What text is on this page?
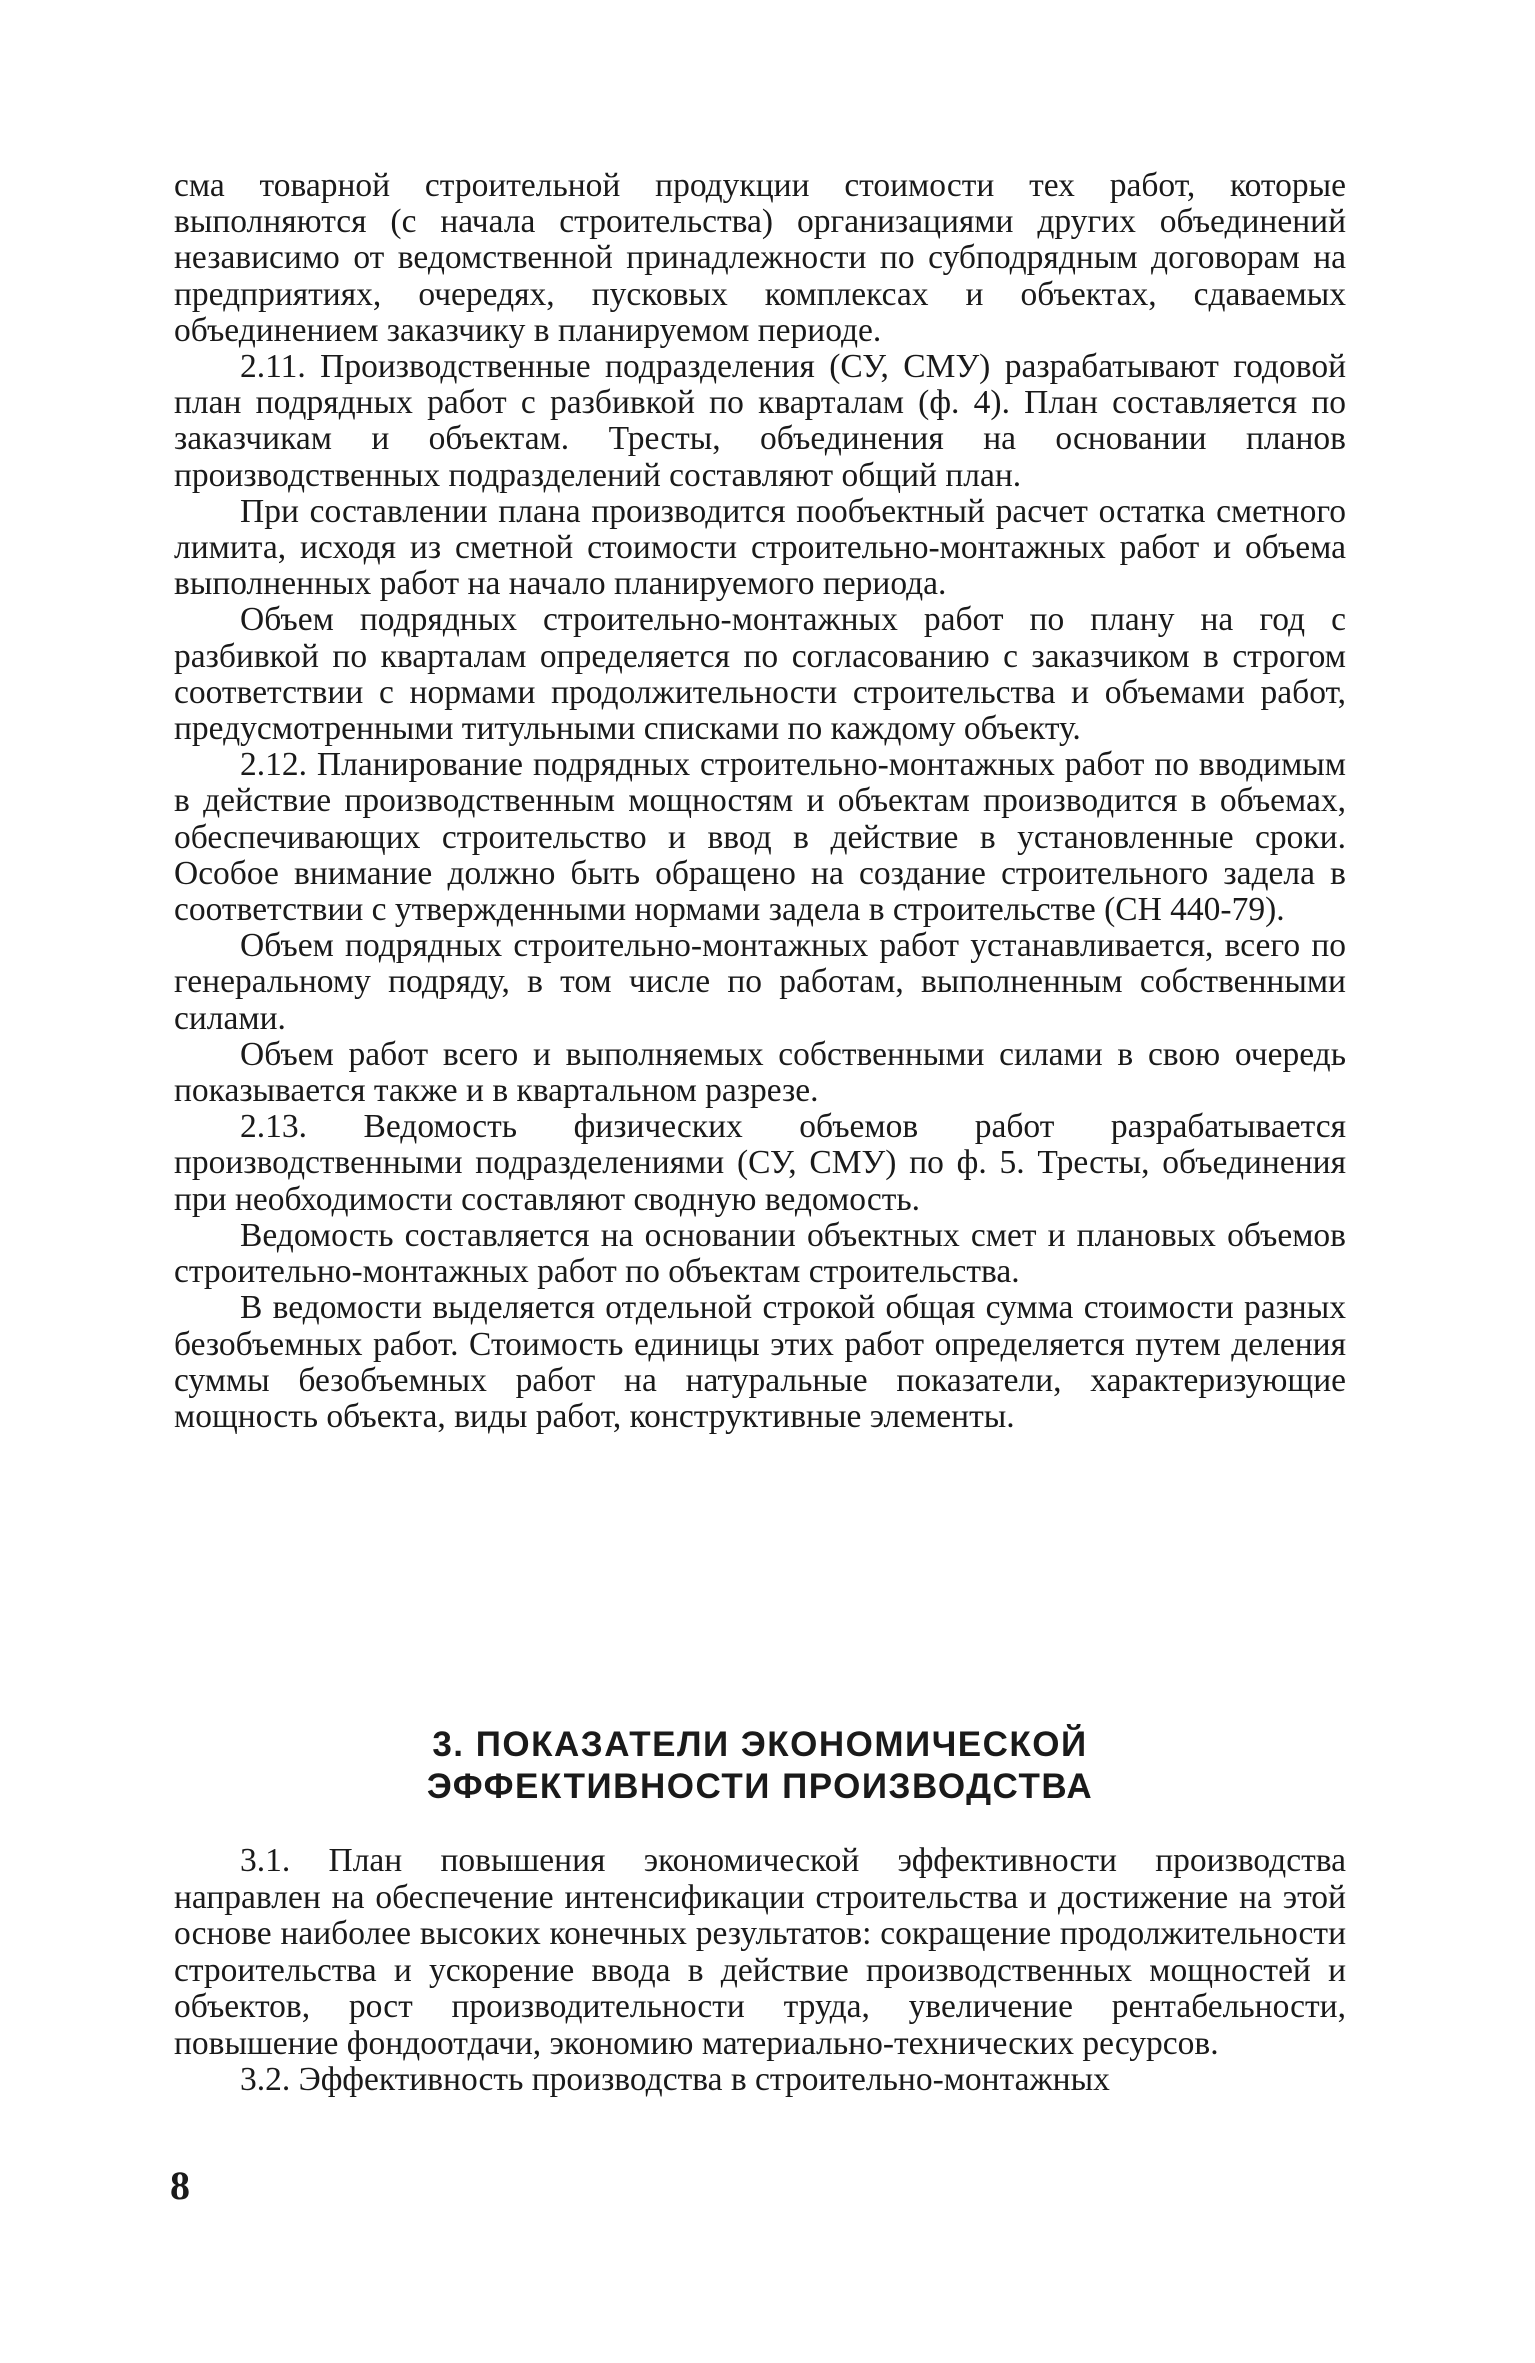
сма товарной строительной продукции стоимости тех работ, которые выполняются (с начала строительства) организациями других объединений независимо от ведомственной принадлежности по субподрядным договорам на предприятиях, очередях, пусковых комплексах и объектах, сдаваемых объединением заказчику в планируемом периоде.

2.11. Производственные подразделения (СУ, СМУ) разрабатывают годовой план подрядных работ с разбивкой по кварталам (ф. 4). План составляется по заказчикам и объектам. Тресты, объединения на основании планов производственных подразделений составляют общий план.

При составлении плана производится пообъектный расчет остатка сметного лимита, исходя из сметной стоимости строительно-монтажных работ и объема выполненных работ на начало планируемого периода.

Объем подрядных строительно-монтажных работ по плану на год с разбивкой по кварталам определяется по согласованию с заказчиком в строгом соответствии с нормами продолжительности строительства и объемами работ, предусмотренными титульными списками по каждому объекту.

2.12. Планирование подрядных строительно-монтажных работ по вводимым в действие производственным мощностям и объектам производится в объемах, обеспечивающих строительство и ввод в действие в установленные сроки. Особое внимание должно быть обращено на создание строительного задела в соответствии с утвержденными нормами задела в строительстве (СН 440-79).

Объем подрядных строительно-монтажных работ устанавливается, всего по генеральному подряду, в том числе по работам, выполненным собственными силами.

Объем работ всего и выполняемых собственными силами в свою очередь показывается также и в квартальном разрезе.

2.13. Ведомость физических объемов работ разрабатывается производственными подразделениями (СУ, СМУ) по ф. 5. Тресты, объединения при необходимости составляют сводную ведомость.

Ведомость составляется на основании объектных смет и плановых объемов строительно-монтажных работ по объектам строительства.

В ведомости выделяется отдельной строкой общая сумма стоимости разных безобъемных работ. Стоимость единицы этих работ определяется путем деления суммы безобъемных работ на натуральные показатели, характеризующие мощность объекта, виды работ, конструктивные элементы.

3. ПОКАЗАТЕЛИ ЭКОНОМИЧЕСКОЙ
ЭФФЕКТИВНОСТИ ПРОИЗВОДСТВА

3.1. План повышения экономической эффективности производства направлен на обеспечение интенсификации строительства и достижение на этой основе наиболее высоких конечных результатов: сокращение продолжительности строительства и ускорение ввода в действие производственных мощностей и объектов, рост производительности труда, увеличение рентабельности, повышение фондоотдачи, экономию материально-технических ресурсов.

3.2. Эффективность производства в строительно-монтажных

8
